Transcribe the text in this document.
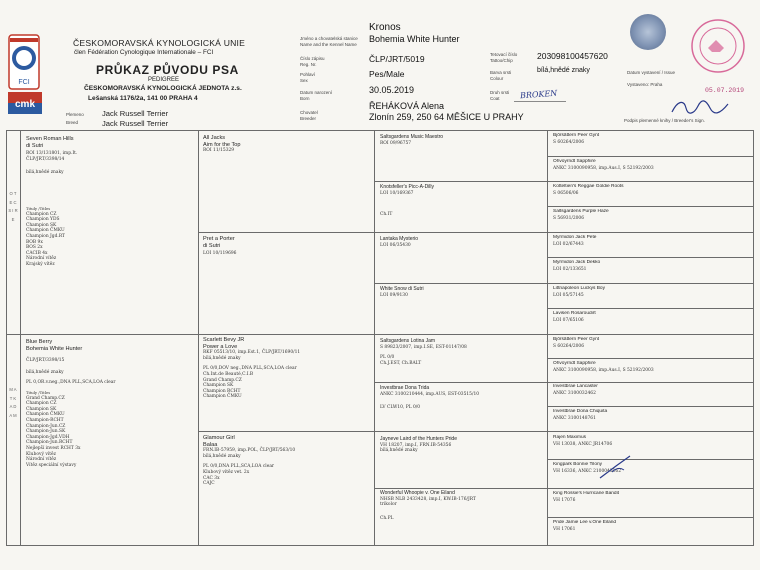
FCI
cmk
ČESKOMORAVSKÁ KYNOLOGICKÁ UNIE
člen Fédération Cynologique Internationale – FCI
PRŮKAZ PŮVODU PSA
PEDIGREE
ČESKOMORAVSKÁ KYNOLOGICKÁ JEDNOTA z.s.
Lešanská 1176/2a, 141 00 PRAHA 4
Plemeno
Breed
Jack Russell Terrier
Jack Russell Terrier
Jméno a chovatelská stanice
Name and the Kennel Name
Číslo zápisu
Reg. Nr.
Pohlaví
Sex
Datum narození
Born
Chovatel
Breeder
Kronos
Bohemia White Hunter
ČLP/JRT/5019
Pes/Male
30.05.2019
ŘEHÁKOVÁ Alena
Zlonín 259, 250 64 MĚŠICE U PRAHY
Tetovací číslo
Tattoo/Chip
Barva srsti
Colour
Druh srsti
Coat
203098100457620
bílá,hnědé znaky
BROKEN
Datum vystavení / Issue
Vystaveno: Praha
05.07.2019
Podpis plemenné knihy / Breeder's Sign.
O T E C S I R E
M A T K A D A M
Seven Roman Hills
di Sutri
ROI 13/131801, imp.It.
ČLP/JRT/3398/14
bílá,hnědé znaky
Tituly /Titles
Champion CZ
Champion YDS
Champion SK
Champion ČMKU
Champion Jgd.RT
BOB 9x
BOS 2x
CACIB 4x
Národní vítěz
Krajský vítěz
Blue Berry
Bohemia White Hunter
ČLP/JRT/3398/15
bílá,hnědé znaky
PL 0,OR.v.neg.,DNA PLL,SCA,LOA clear
Tituly /Titles
Grand Champ.CZ
Champion CZ
Champion SK
Champion ČMKU
Champion-RCHT
Champion-Jun.CZ
Champion-Jun.SK
Champion-Jgd.VDH
Champion-Jun.RCHT
Nejlepší invest RCHT 3x
Klubový vítěz
Národní vítěz
Vítěz speciální výstavy
All Jacks
Aim for the Top
ROI 11/15329
Pret a Porter
di Sutri
LOI 10/119696
Scarlett Bevy JR
Power a Love
RKF 05513/10, imp.Est.1, ČLP/JRT/1690/11
bílá,hnědé znaky
PL 0/0,DOV neg.,DNA PLL,SCA,LOA clear
Ch.Int.de Beauté,C.I.B
Grand Champ.CZ
Champion SK
Champion RCHT
Champion ČMKU
Glamour Girl
Balaa
FRN.IB-57959, imp.POL, ČLP/JRT/563/10
bílá,hnědé znaky
PL 0/0,DNA PLL,SCA,LOA clear
Klubový vítěz vet. 2x
CAC 3x
CAJC
Saltsgardens Music Maestro
ROI 09/96757
Knotsfeller's Picc-A-Dilly
LOI 10/169367
Ch.IT
Lantaka Mysterio
LOI 06/35430
White Snow di Sutri
LOI 09/9130
Saltsgardens Lotina Jam
S 89823/2007, imp.I.SE, EST-01147/08
PL 0/0
Ch.J.EST, Ch.BALT
Investbrae Dona Trida
ANKC 3100210444, imp.AUS, EST-03515/10
LV CLW10, PL 0/0
Jayneve Laird of the Hunters Pride
VH 18207, imp.I, FRN.IB-54356
bílá,hnědé znaky
Wonderful Whoopie v. One Eiland
NHSB NLB 2433428, imp.I, KW.IB-176/JRT
trikolor
Ch.PL
Björsättern Peer Gynt
S 60264/2006
Ohvoyrndt Sapphire
ANKC 3100090958, imp.Aus.I, S 52192/2003
Kotteltien's Reggae Goldie Roots
S 06506/06
Saltsgardens Purple Haze
S 56931/2006
Myrmidon Jack Pete
LOI 02/67443
Myrmidon Jack Dekko
LOI 02/133651
Littnapoleon Luckys Boy
LOI 05/57145
Lavisen Rosaroudirt
LOI 07/65106
Björsättern Peer Gynt
S 60264/2006
Ohvoyrndt Sapphire
ANKC 3100090958, imp.Aus.I, S 52192/2003
Investbrae Lancaster
ANKC 3100032462
Investbrae Dona Chiquita
ANKC 3100148761
Rajen Maximus
VH 13038, ANKC JR14706
Kingpark Bonnie Tilony
VH 16336, ANKC 2100045162
King Rossie's Hurricane Bandit
VH 17076
Pride Jamie Lee v.One Eiland
VH 17061
